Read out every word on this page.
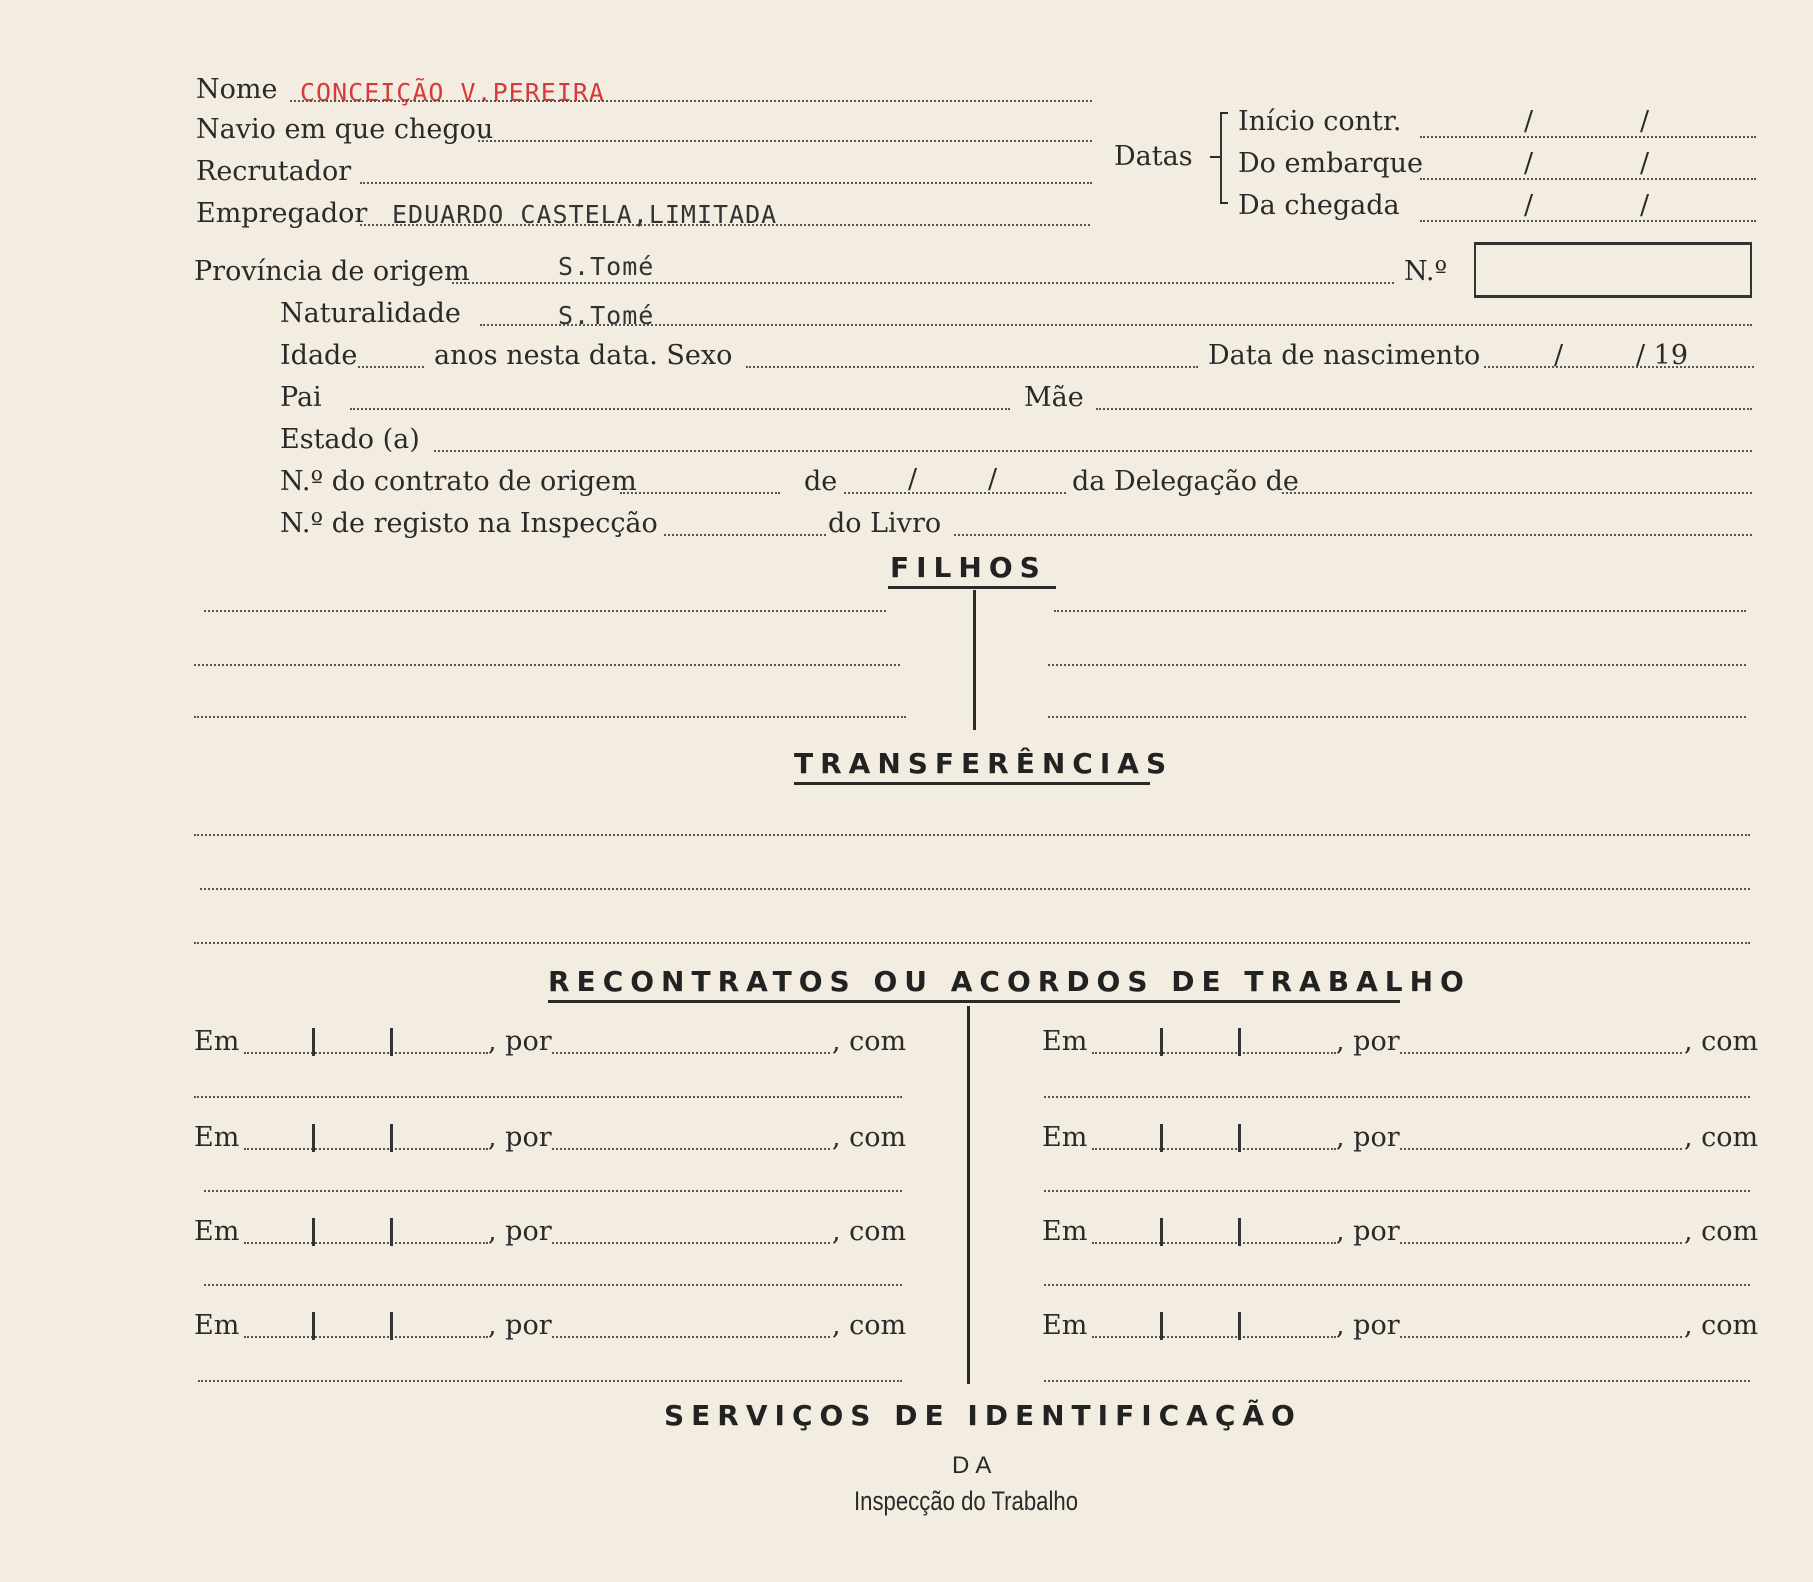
Nome CONCEIÇÃO V.PEREIRA
Navio em que chegou
Recrutador
Empregador EDUARDO CASTELA,LIMITADA
Datas
Início contr.	/	/
Do embarque	/	/
Da chegada	/	/
Província de origem	S.Tomé	N.º
Naturalidade	S.Tomé
Idade	anos nesta data. Sexo	Data de nascimento	/	/ 19
Pai	Mãe
Estado (a)
N.º do contrato de origem	de	/	/	da Delegação de
N.º de registo na Inspecção	do Livro
FILHOS
TRANSFERÊNCIAS
RECONTRATOS OU ACORDOS DE TRABALHO
Em	, por	, com
Em	, por	, com
Em	, por	, com
Em	, por	, com
Em	, por	, com
Em	, por	, com
Em	, por	, com
Em	, por	, com
SERVIÇOS DE IDENTIFICAÇÃO
DA
Inspecção do Trabalho
